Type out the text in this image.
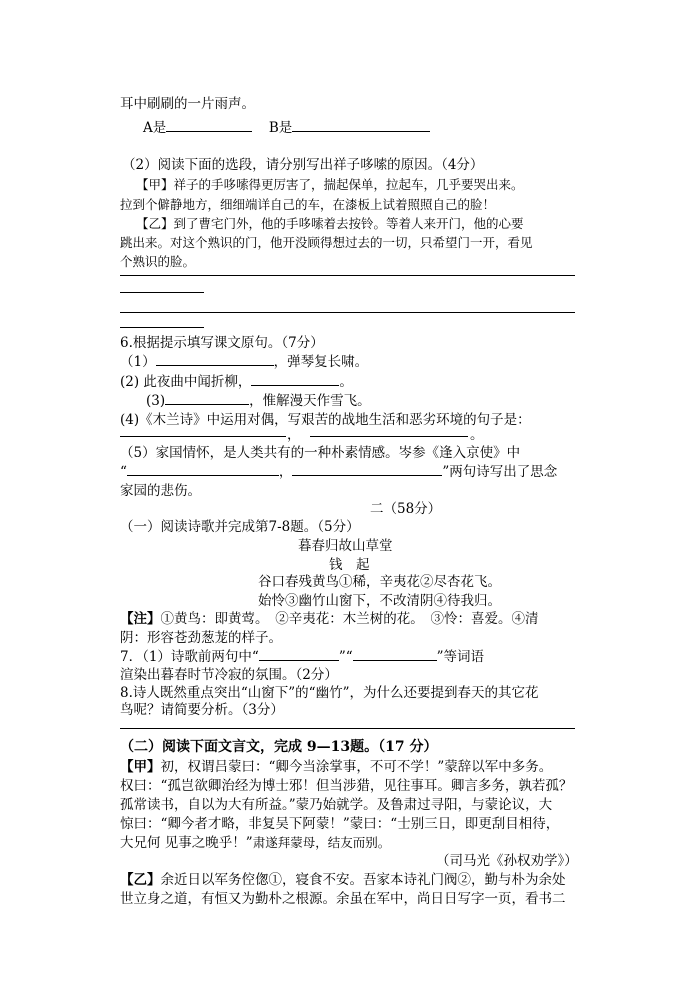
耳中刷刷的一片雨声。
A是	B是
（2）阅读下面的选段，请分别写出祥子哆嗦的原因。（4分）
【甲】祥子的手哆嗦得更厉害了，揣起保单，拉起车，几乎要哭出来。
拉到个僻静地方，细细端详自己的车，在漆板上试着照照自己的脸！
【乙】到了曹宅门外，他的手哆嗦着去按铃。等着人来开门，他的心要
跳出来。对这个熟识的门，他开没顾得想过去的一切，只希望门一开，看见
个熟识的脸。
6.根据提示填写课文原句。（7分）
（1）	，弹琴复长啸。
(2) 此夜曲中闻折柳，	。
(3)	，惟解漫天作雪飞。
(4)《木兰诗》中运用对偶，写艰苦的战地生活和恶劣环境的句子是：
，	。
（5）家国情怀，是人类共有的一种朴素情感。岑参《逢入京使》中
“	，	”两句诗写出了思念
家园的悲伤。
二（58分）
（一）阅读诗歌并完成第7-8题。（5分）
暮春归故山草堂
钱　起
谷口春残黄鸟①稀，辛夷花②尽杏花飞。
始怜③幽竹山窗下，不改清阴④待我归。
【注】①黄鸟：即黄莺。　②辛夷花：木兰树的花。　③怜：喜爱。④清
阴：形容苍劲葱茏的样子。
7．（1）诗歌前两句中“	”“	”等词语
渲染出暮春时节冷寂的氛围。（2分）
8.诗人既然重点突出“山窗下”的“幽竹”，为什么还要提到春天的其它花
鸟呢？请简要分析。（3分）
（二）阅读下面文言文，完成 9—13题。（17 分）
【甲】初，权谓吕蒙曰：“卿今当涂掌事，不可不学！”蒙辞以军中多务。
权曰：“孤岂欲卿治经为博士邪！但当涉猎，见往事耳。卿言多务，孰若孤？
孤常读书，自以为大有所益。”蒙乃始就学。及鲁肃过寻阳，与蒙论议，大
惊曰：“卿今者才略，非复吴下阿蒙！”蒙曰：“士别三日，即更刮目相待，
大兄何 见事之晚乎！”肃遂拜蒙母，结友而别。
（司马光《孙权劝学》）
【乙】余近日以军务倥偬①，寝食不安。吾家本诗礼门阀②，勤与朴为余处
世立身之道，有恒又为勤朴之根源。余虽在军中，尚日日写字一页，看书二
